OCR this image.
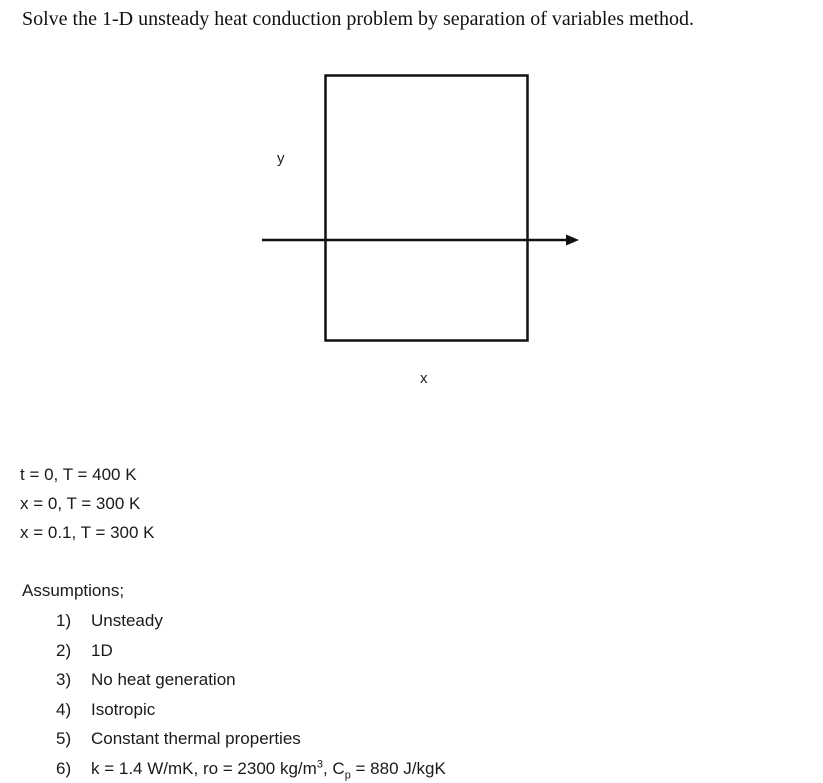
Solve the 1-D unsteady heat conduction problem by separation of variables method.
y
x
t = 0, T = 400 K
x = 0, T = 300 K
x = 0.1, T = 300 K
Assumptions;
1)	Unsteady
2)	1D
3)	No heat generation
4)	Isotropic
5)	Constant thermal properties
6)	k = 1.4 W/mK, ro = 2300 $kg/m^3$, $C_p = 880$ J/kgK
